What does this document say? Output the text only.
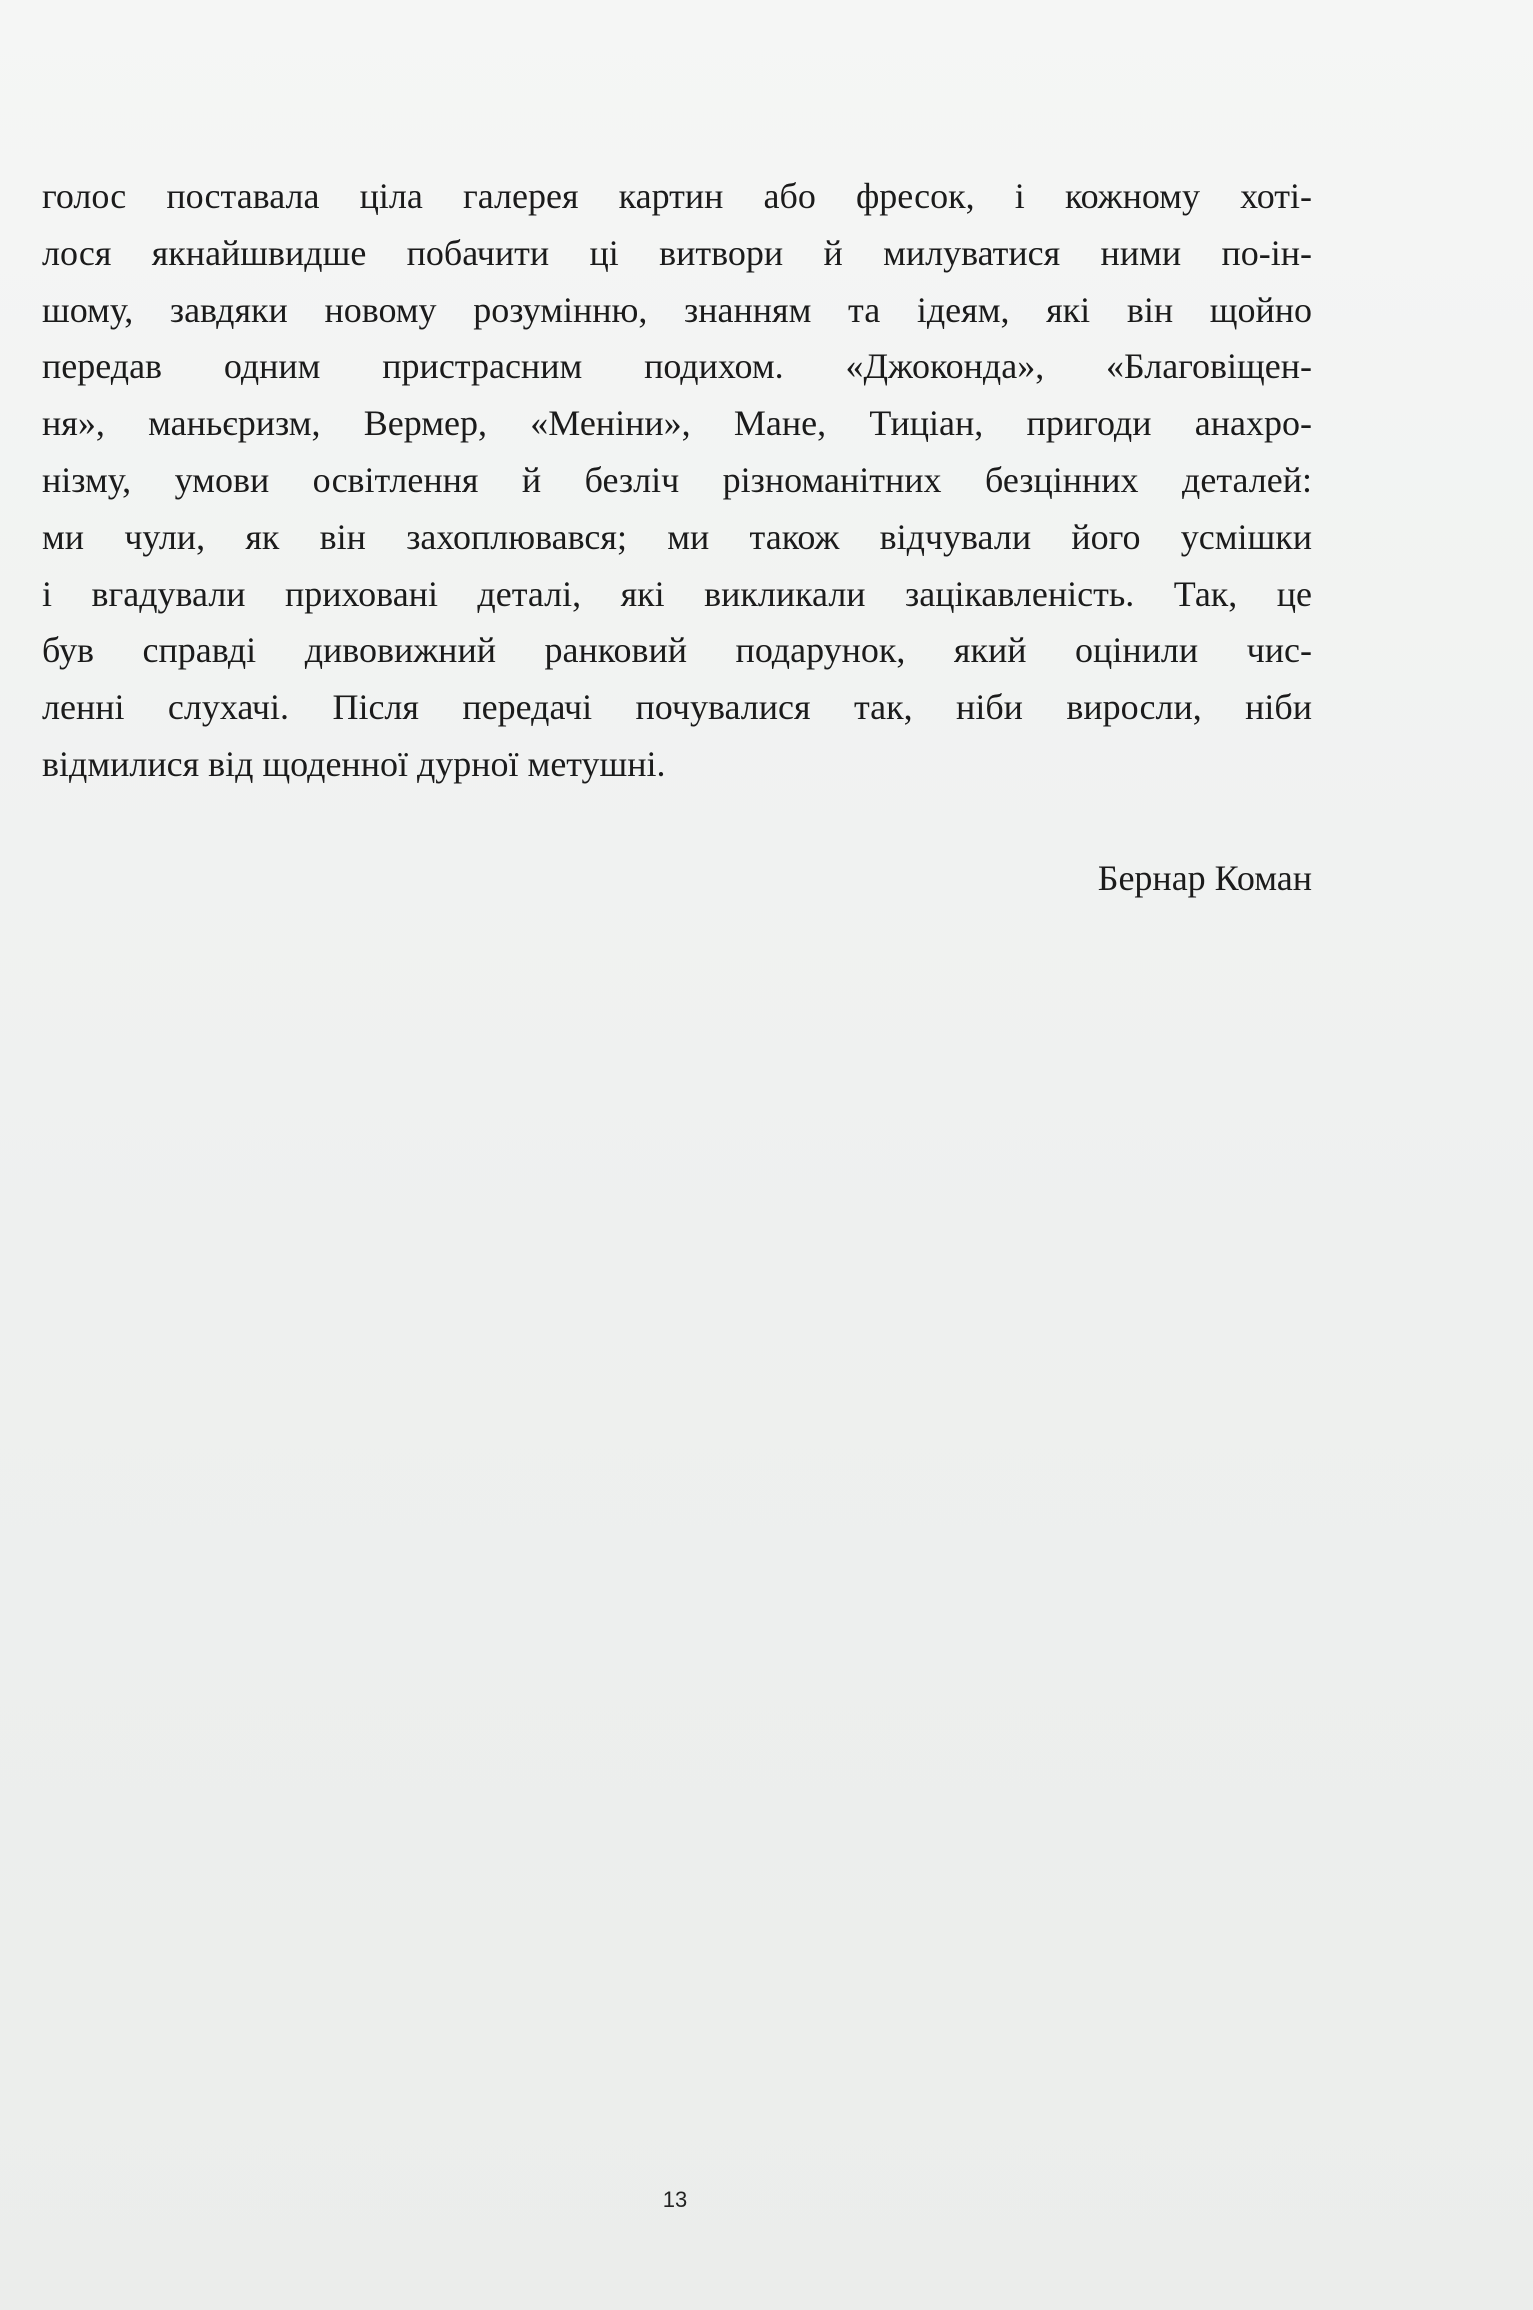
голос поставала ціла галерея картин або фресок, і кожному хоті-
лося якнайшвидше побачити ці витвори й милуватися ними по-ін-
шому, завдяки новому розумінню, знанням та ідеям, які він щойно
передав одним пристрасним подихом. «Джоконда», «Благовіщен-
ня», маньєризм, Вермер, «Меніни», Мане, Тиціан, пригоди анахро-
нізму, умови освітлення й безліч різноманітних безцінних деталей:
ми чули, як він захоплювався; ми також відчували його усмішки
і вгадували приховані деталі, які викликали зацікавленість. Так, це
був справді дивовижний ранковий подарунок, який оцінили чис-
ленні слухачі. Після передачі почувалися так, ніби виросли, ніби
відмилися від щоденної дурної метушні.
Бернар Коман
13
